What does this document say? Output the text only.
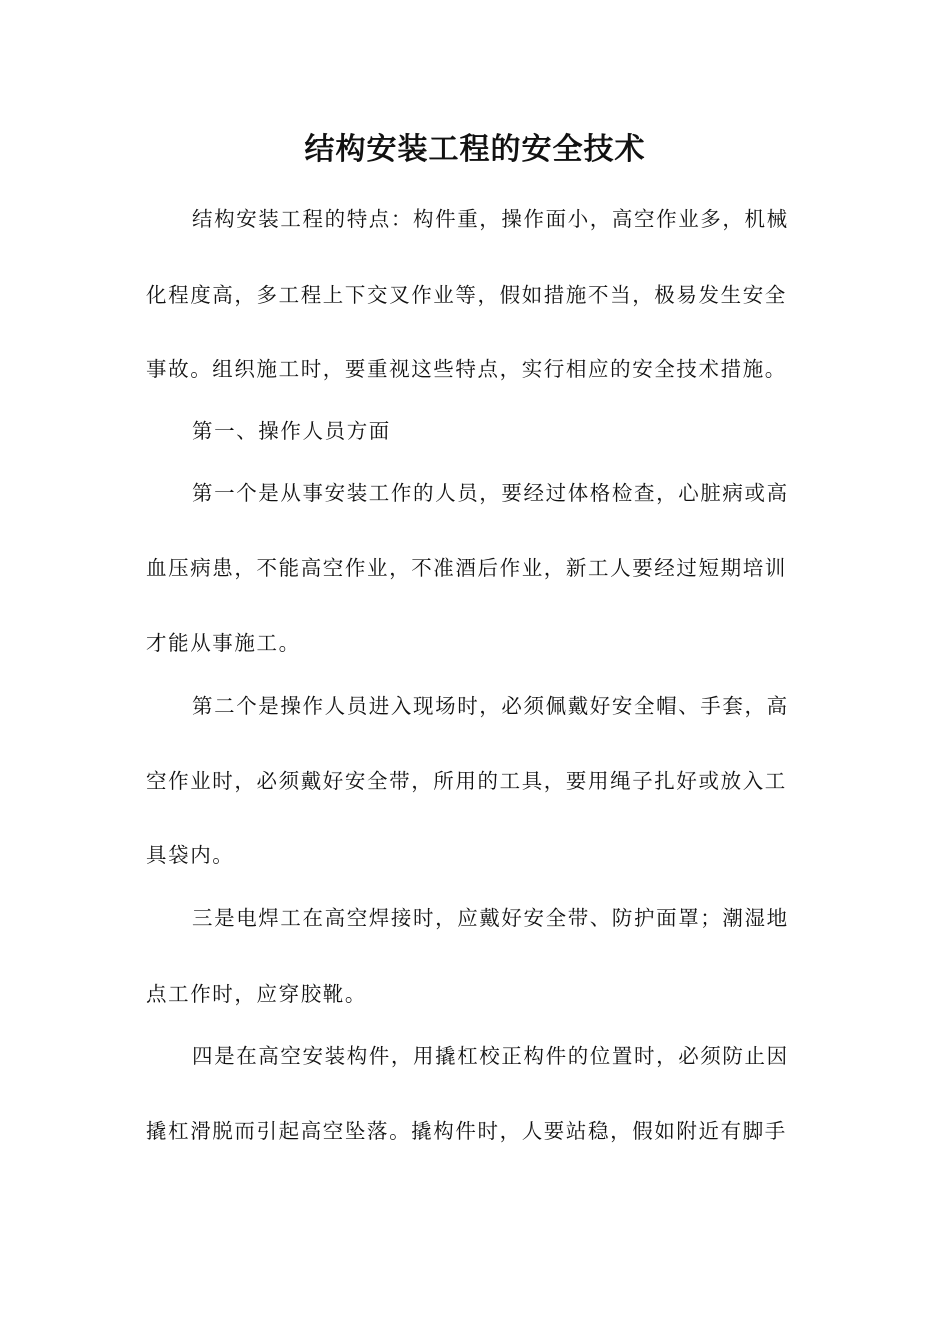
结构安装工程的安全技术
结构安装工程的特点：构件重，操作面小，高空作业多，机械
化程度高，多工程上下交叉作业等，假如措施不当，极易发生安全
事故。组织施工时，要重视这些特点，实行相应的安全技术措施。
第一、操作人员方面
第一个是从事安装工作的人员，要经过体格检查，心脏病或高
血压病患，不能高空作业，不准酒后作业，新工人要经过短期培训
才能从事施工。
第二个是操作人员进入现场时，必须佩戴好安全帽、手套，高
空作业时，必须戴好安全带，所用的工具，要用绳子扎好或放入工
具袋内。
三是电焊工在高空焊接时，应戴好安全带、防护面罩；潮湿地
点工作时，应穿胶靴。
四是在高空安装构件，用撬杠校正构件的位置时，必须防止因
撬杠滑脱而引起高空坠落。撬构件时，人要站稳，假如附近有脚手
